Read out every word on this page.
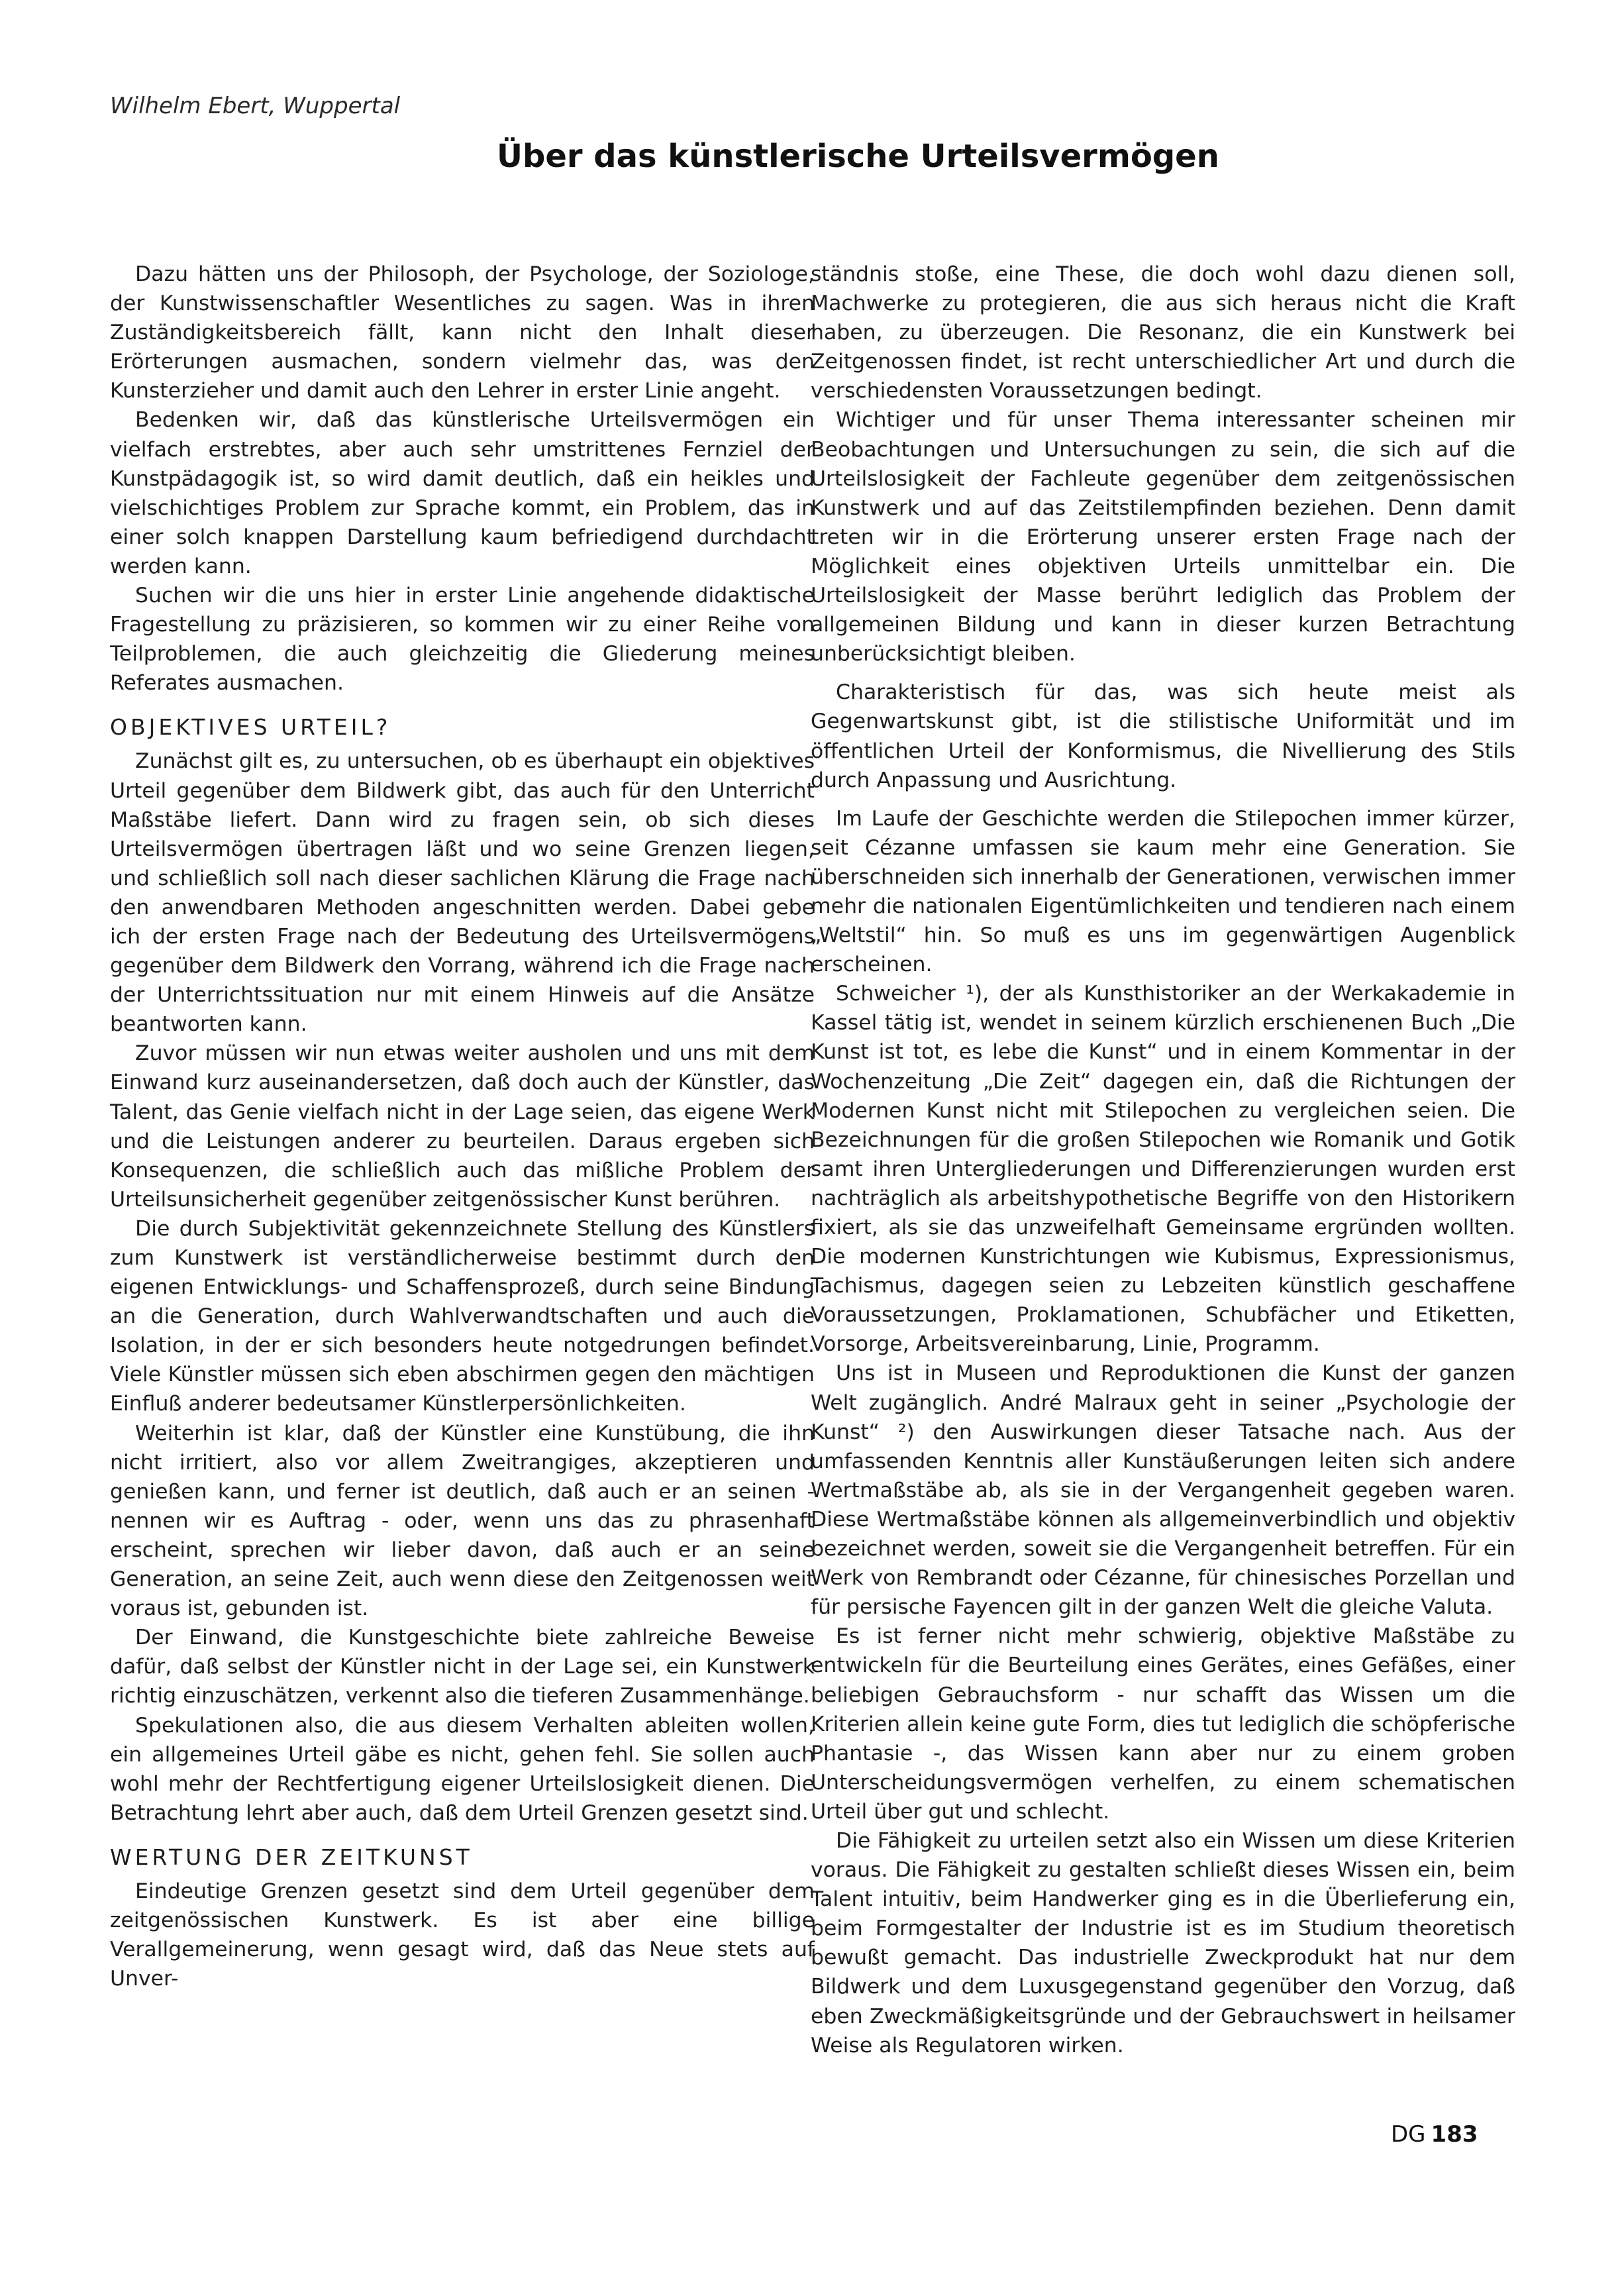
Wilhelm Ebert, Wuppertal

Über das künstlerische Urteilsvermögen

Dazu hätten uns der Philosoph, der Psychologe, der Soziologe, der Kunstwissenschaftler Wesentliches zu sagen. Was in ihren Zuständigkeitsbereich fällt, kann nicht den Inhalt dieser Erörterungen ausmachen, sondern vielmehr das, was den Kunsterzieher und damit auch den Lehrer in erster Linie angeht.

Bedenken wir, daß das künstlerische Urteilsvermögen ein vielfach erstrebtes, aber auch sehr umstrittenes Fernziel der Kunstpädagogik ist, so wird damit deutlich, daß ein heikles und vielschichtiges Problem zur Sprache kommt, ein Problem, das in einer solch knappen Darstellung kaum befriedigend durchdacht werden kann.

Suchen wir die uns hier in erster Linie angehende didaktische Fragestellung zu präzisieren, so kommen wir zu einer Reihe von Teilproblemen, die auch gleichzeitig die Gliederung meines Referates ausmachen.

OBJEKTIVES URTEIL?

Zunächst gilt es, zu untersuchen, ob es überhaupt ein objektives Urteil gegenüber dem Bildwerk gibt, das auch für den Unterricht Maßstäbe liefert. Dann wird zu fragen sein, ob sich dieses Urteilsvermögen übertragen läßt und wo seine Grenzen liegen, und schließlich soll nach dieser sachlichen Klärung die Frage nach den anwendbaren Methoden angeschnitten werden. Dabei gebe ich der ersten Frage nach der Bedeutung des Urteilsvermögens gegenüber dem Bildwerk den Vorrang, während ich die Frage nach der Unterrichtssituation nur mit einem Hinweis auf die Ansätze beantworten kann.

Zuvor müssen wir nun etwas weiter ausholen und uns mit dem Einwand kurz auseinandersetzen, daß doch auch der Künstler, das Talent, das Genie vielfach nicht in der Lage seien, das eigene Werk und die Leistungen anderer zu beurteilen. Daraus ergeben sich Konsequenzen, die schließlich auch das mißliche Problem der Urteilsunsicherheit gegenüber zeitgenössischer Kunst berühren.

Die durch Subjektivität gekennzeichnete Stellung des Künstlers zum Kunstwerk ist verständlicherweise bestimmt durch den eigenen Entwicklungs- und Schaffensprozeß, durch seine Bindung an die Generation, durch Wahlverwandtschaften und auch die Isolation, in der er sich besonders heute notgedrungen befindet. Viele Künstler müssen sich eben abschirmen gegen den mächtigen Einfluß anderer bedeutsamer Künstlerpersönlichkeiten.

Weiterhin ist klar, daß der Künstler eine Kunstübung, die ihn nicht irritiert, also vor allem Zweitrangiges, akzeptieren und genießen kann, und ferner ist deutlich, daß auch er an seinen - nennen wir es Auftrag - oder, wenn uns das zu phrasenhaft erscheint, sprechen wir lieber davon, daß auch er an seine Generation, an seine Zeit, auch wenn diese den Zeitgenossen weit voraus ist, gebunden ist.

Der Einwand, die Kunstgeschichte biete zahlreiche Beweise dafür, daß selbst der Künstler nicht in der Lage sei, ein Kunstwerk richtig einzuschätzen, verkennt also die tieferen Zusammenhänge.

Spekulationen also, die aus diesem Verhalten ableiten wollen, ein allgemeines Urteil gäbe es nicht, gehen fehl. Sie sollen auch wohl mehr der Rechtfertigung eigener Urteilslosigkeit dienen. Die Betrachtung lehrt aber auch, daß dem Urteil Grenzen gesetzt sind.

WERTUNG DER ZEITKUNST

Eindeutige Grenzen gesetzt sind dem Urteil gegenüber dem zeitgenössischen Kunstwerk. Es ist aber eine billige Verallgemeinerung, wenn gesagt wird, daß das Neue stets auf Unver-

ständnis stoße, eine These, die doch wohl dazu dienen soll, Machwerke zu protegieren, die aus sich heraus nicht die Kraft haben, zu überzeugen. Die Resonanz, die ein Kunstwerk bei Zeitgenossen findet, ist recht unterschiedlicher Art und durch die verschiedensten Voraussetzungen bedingt.

Wichtiger und für unser Thema interessanter scheinen mir Beobachtungen und Untersuchungen zu sein, die sich auf die Urteilslosigkeit der Fachleute gegenüber dem zeitgenössischen Kunstwerk und auf das Zeitstilempfinden beziehen. Denn damit treten wir in die Erörterung unserer ersten Frage nach der Möglichkeit eines objektiven Urteils unmittelbar ein. Die Urteilslosigkeit der Masse berührt lediglich das Problem der allgemeinen Bildung und kann in dieser kurzen Betrachtung unberücksichtigt bleiben.

Charakteristisch für das, was sich heute meist als Gegenwartskunst gibt, ist die stilistische Uniformität und im öffentlichen Urteil der Konformismus, die Nivellierung des Stils durch Anpassung und Ausrichtung.

Im Laufe der Geschichte werden die Stilepochen immer kürzer, seit Cézanne umfassen sie kaum mehr eine Generation. Sie überschneiden sich innerhalb der Generationen, verwischen immer mehr die nationalen Eigentümlichkeiten und tendieren nach einem „Weltstil“ hin. So muß es uns im gegenwärtigen Augenblick erscheinen.

Schweicher ¹), der als Kunsthistoriker an der Werkakademie in Kassel tätig ist, wendet in seinem kürzlich erschienenen Buch „Die Kunst ist tot, es lebe die Kunst“ und in einem Kommentar in der Wochenzeitung „Die Zeit“ dagegen ein, daß die Richtungen der Modernen Kunst nicht mit Stilepochen zu vergleichen seien. Die Bezeichnungen für die großen Stilepochen wie Romanik und Gotik samt ihren Untergliederungen und Differenzierungen wurden erst nachträglich als arbeitshypothetische Begriffe von den Historikern fixiert, als sie das unzweifelhaft Gemeinsame ergründen wollten. Die modernen Kunstrichtungen wie Kubismus, Expressionismus, Tachismus, dagegen seien zu Lebzeiten künstlich geschaffene Voraussetzungen, Proklamationen, Schubfächer und Etiketten, Vorsorge, Arbeitsvereinbarung, Linie, Programm.

Uns ist in Museen und Reproduktionen die Kunst der ganzen Welt zugänglich. André Malraux geht in seiner „Psychologie der Kunst“ ²) den Auswirkungen dieser Tatsache nach. Aus der umfassenden Kenntnis aller Kunstäußerungen leiten sich andere Wertmaßstäbe ab, als sie in der Vergangenheit gegeben waren. Diese Wertmaßstäbe können als allgemeinverbindlich und objektiv bezeichnet werden, soweit sie die Vergangenheit betreffen. Für ein Werk von Rembrandt oder Cézanne, für chinesisches Porzellan und für persische Fayencen gilt in der ganzen Welt die gleiche Valuta.

Es ist ferner nicht mehr schwierig, objektive Maßstäbe zu entwickeln für die Beurteilung eines Gerätes, eines Gefäßes, einer beliebigen Gebrauchsform - nur schafft das Wissen um die Kriterien allein keine gute Form, dies tut lediglich die schöpferische Phantasie -, das Wissen kann aber nur zu einem groben Unterscheidungsvermögen verhelfen, zu einem schematischen Urteil über gut und schlecht.

Die Fähigkeit zu urteilen setzt also ein Wissen um diese Kriterien voraus. Die Fähigkeit zu gestalten schließt dieses Wissen ein, beim Talent intuitiv, beim Handwerker ging es in die Überlieferung ein, beim Formgestalter der Industrie ist es im Studium theoretisch bewußt gemacht. Das industrielle Zweckprodukt hat nur dem Bildwerk und dem Luxusgegenstand gegenüber den Vorzug, daß eben Zweckmäßigkeitsgründe und der Gebrauchswert in heilsamer Weise als Regulatoren wirken.

DG 183
